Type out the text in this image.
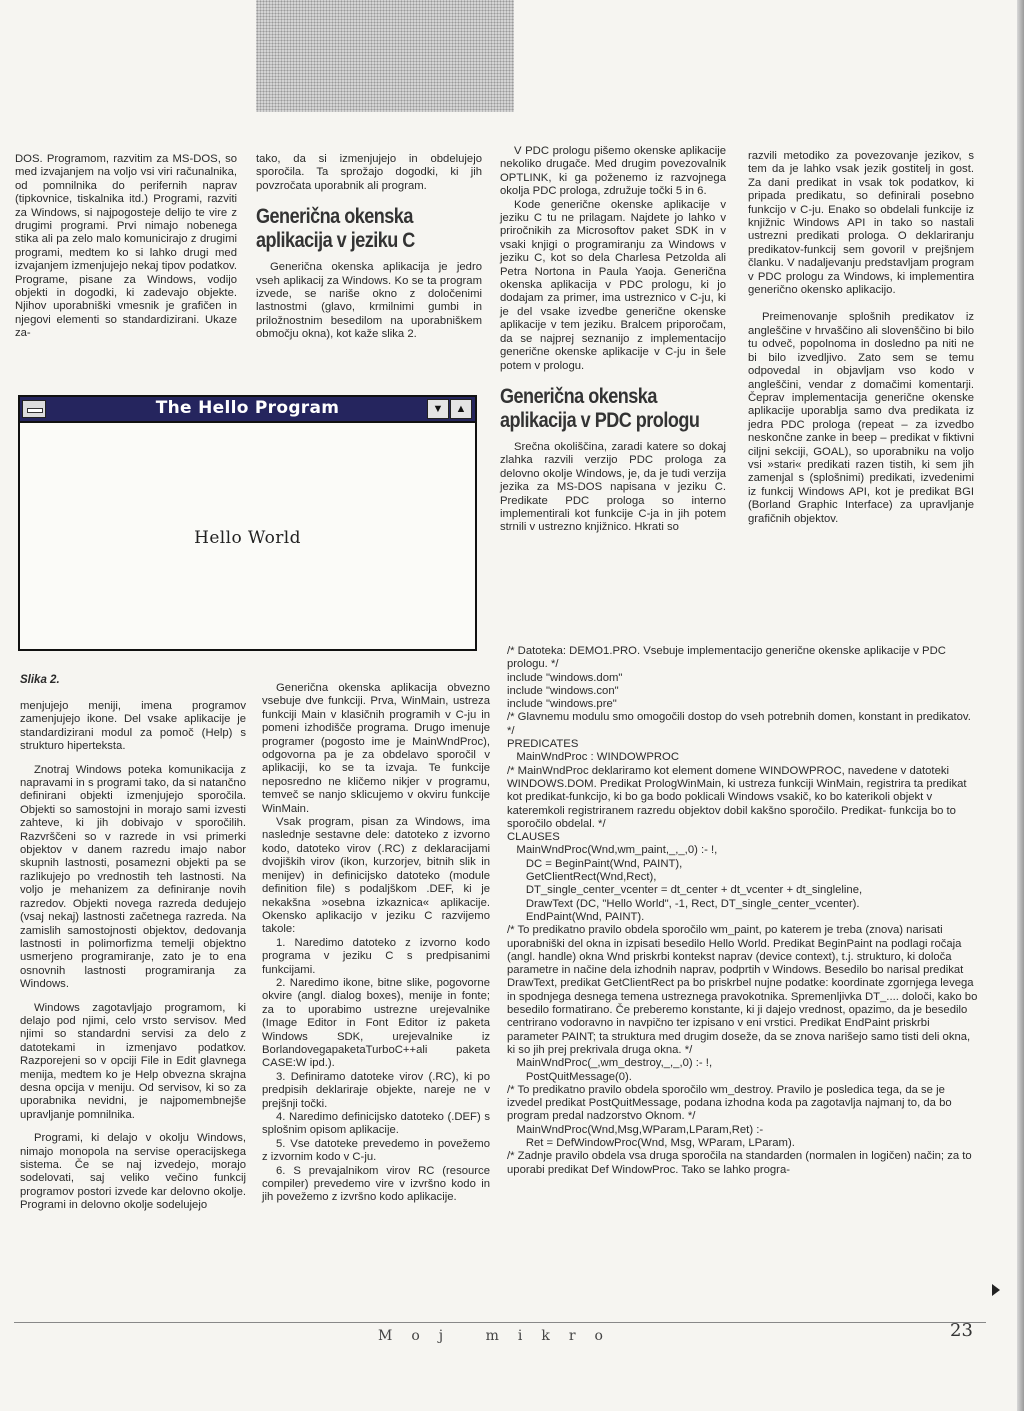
DOS. Programom, razvitim za MS-DOS, so med izvajanjem na voljo vsi viri računalnika, od pomnilnika do perifernih naprav (tipkovnice, tiskalnika itd.) Programi, razviti za Windows, si najpogosteje delijo te vire z drugimi programi. Prvi nimajo nobenega stika ali pa zelo malo komunicirajo z drugimi programi, medtem ko si lahko drugi med izvajanjem izmenjujejo nekaj tipov podatkov. Programe, pisane za Windows, vodijo objekti in dogodki, ki zadevajo objekte. Njihov uporabniški vmesnik je grafičen in njegovi elementi so standardizirani. Ukaze za-

tako, da si izmenjujejo in obdelujejo sporočila. Ta sprožajo dogodki, ki jih povzročata uporabnik ali program.

Generična okenska
aplikacija v jeziku C

Generična okenska aplikacija je jedro vseh aplikacij za Windows. Ko se ta program izvede, se nariše okno z določenimi lastnostmi (glavo, krmilnimi gumbi in priložnostnim besedilom na uporabniškem območju okna), kot kaže slika 2.

V PDC prologu pišemo okenske aplikacije nekoliko drugače. Med drugim povezovalnik OPTLINK, ki ga poženemo iz razvojnega okolja PDC prologa, združuje točki 5 in 6.

Kode generične okenske aplikacije v jeziku C tu ne prilagam. Najdete jo lahko v priročnikih za Microsoftov paket SDK in v vsaki knjigi o programiranju za Windows v jeziku C, kot so dela Charlesa Petzolda ali Petra Nortona in Paula Yaoja. Generična okenska aplikacija v PDC prologu, ki jo dodajam za primer, ima ustreznico v C-ju, ki je del vsake izvedbe generične okenske aplikacije v tem jeziku. Bralcem priporočam, da se najprej seznanijo z implementacijo generične okenske aplikacije v C-ju in šele potem v prologu.

Generična okenska
aplikacija v PDC prologu

Srečna okoliščina, zaradi katere so dokaj zlahka razvili verzijo PDC prologa za delovno okolje Windows, je, da je tudi verzija jezika za MS-DOS napisana v jeziku C. Predikate PDC prologa so interno implementirali kot funkcije C-ja in jih potem strnili v ustrezno knjižnico. Hkrati so

razvili metodiko za povezovanje jezikov, s tem da je lahko vsak jezik gostitelj in gost. Za dani predikat in vsak tok podatkov, ki pripada predikatu, so definirali posebno funkcijo v C-ju. Enako so obdelali funkcije iz knjižnic Windows API in tako so nastali ustrezni predikati prologa. O deklariranju predikatov-funkcij sem govoril v prejšnjem članku. V nadaljevanju predstavljam program v PDC prologu za Windows, ki implementira generično okensko aplikacijo.

Preimenovanje splošnih predikatov iz angleščine v hrvaščino ali slovenščino bi bilo tu odveč, popolnoma in dosledno pa niti ne bi bilo izvedljivo. Zato sem se temu odpovedal in objavljam vso kodo v angleščini, vendar z domačimi komentarji. Čeprav implementacija generične okenske aplikacije uporablja samo dva predikata iz jedra PDC prologa (repeat – za izvedbo neskončne zanke in beep – predikat v fiktivni ciljni sekciji, GOAL), so uporabniku na voljo vsi »stari« predikati razen tistih, ki sem jih zamenjal s (splošnimi) predikati, izvedenimi iz funkcij Windows API, kot je predikat BGI (Borland Graphic Interface) za upravljanje grafičnih objektov.

The Hello Program	▼	▲
Hello World
Slika 2.

menjujejo meniji, imena programov zamenjujejo ikone. Del vsake aplikacije je standardizirani modul za pomoč (Help) s strukturo hiperteksta.

Znotraj Windows poteka komunikacija z napravami in s programi tako, da si natančno definirani objekti izmenjujejo sporočila. Objekti so samostojni in morajo sami izvesti zahteve, ki jih dobivajo v sporočilih. Razvrščeni so v razrede in vsi primerki objektov v danem razredu imajo nabor skupnih lastnosti, posamezni objekti pa se razlikujejo po vrednostih teh lastnosti. Na voljo je mehanizem za definiranje novih razredov. Objekti novega razreda dedujejo (vsaj nekaj) lastnosti začetnega razreda. Na zamislih samostojnosti objektov, dedovanja lastnosti in polimorfizma temelji objektno usmerjeno programiranje, zato je to ena osnovnih lastnosti programiranja za Windows.

Windows zagotavljajo programom, ki delajo pod njimi, celo vrsto servisov. Med njimi so standardni servisi za delo z datotekami in izmenjavo podatkov. Razporejeni so v opciji File in Edit glavnega menija, medtem ko je Help obvezna skrajna desna opcija v meniju. Od servisov, ki so za uporabnika nevidni, je najpomembnejše upravljanje pomnilnika.

Programi, ki delajo v okolju Windows, nimajo monopola na servise operacijskega sistema. Če se naj izvedejo, morajo sodelovati, saj veliko večino funkcij programov postori izvede kar delovno okolje. Programi in delovno okolje sodelujejo

Generična okenska aplikacija obvezno vsebuje dve funkciji. Prva, WinMain, ustreza funkciji Main v klasičnih programih v C-ju in pomeni izhodišče programa. Drugo imenuje programer (pogosto ime je MainWndProc), odgovorna pa je za obdelavo sporočil v aplikaciji, ko se ta izvaja. Te funkcije neposredno ne kličemo nikjer v programu, temveč se nanjo sklicujemo v okviru funkcije WinMain.

Vsak program, pisan za Windows, ima naslednje sestavne dele: datoteko z izvorno kodo, datoteko virov (.RC) z deklaracijami dvojiških virov (ikon, kurzorjev, bitnih slik in menijev) in definicijsko datoteko (module definition file) s podaljškom .DEF, ki je nekakšna »osebna izkaznica« aplikacije. Okensko aplikacijo v jeziku C razvijemo takole:

1. Naredimo datoteko z izvorno kodo programa v jeziku C s predpisanimi funkcijami.

2. Naredimo ikone, bitne slike, pogovorne okvire (angl. dialog boxes), menije in fonte; za to uporabimo ustrezne urejevalnike (Image Editor in Font Editor iz paketa Windows SDK, urejevalnike iz BorlandovegapaketaTurboC++ali paketa CASE:W ipd.).

3. Definiramo datoteke virov (.RC), ki po predpisih deklariraje objekte, nareje ne v prejšnji točki.

4. Naredimo definicijsko datoteko (.DEF) s splošnim opisom aplikacije.

5. Vse datoteke prevedemo in povežemo z izvornim kodo v C-ju.

6. S prevajalnikom virov RC (resource compiler) prevedemo vire v izvršno kodo in jih povežemo z izvršno kodo aplikacije.

/* Datoteka: DEMO1.PRO. Vsebuje implementacijo generične okenske aplikacije v PDC prologu. */
include "windows.dom"
include "windows.con"
include "windows.pre"
/* Glavnemu modulu smo omogočili dostop do vseh potrebnih domen, konstant in predikatov. */
PREDICATES
MainWndProc : WINDOWPROC
/* MainWndProc deklariramo kot element domene WINDOWPROC, navedene v datoteki WINDOWS.DOM. Predikat PrologWinMain, ki ustreza funkciji WinMain, registrira ta predikat kot predikat-funkcijo, ki bo ga bodo poklicali Windows vsakič, ko bo katerikoli objekt v kateremkoli registriranem razredu objektov dobil kakšno sporočilo. Predikat- funkcija bo to sporočilo obdelal. */
CLAUSES
MainWndProc(Wnd,wm_paint,_,_,0) :- !,
DC = BeginPaint(Wnd, PAINT),
GetClientRect(Wnd,Rect),
DT_single_center_vcenter = dt_center + dt_vcenter + dt_singleline,
DrawText (DC, "Hello World", -1, Rect, DT_single_center_vcenter).
EndPaint(Wnd, PAINT).
/* To predikatno pravilo obdela sporočilo wm_paint, po katerem je treba (znova) narisati uporabniški del okna in izpisati besedilo Hello World. Predikat BeginPaint na podlagi ročaja (angl. handle) okna Wnd priskrbi kontekst naprav (device context), t.j. strukturo, ki določa parametre in načine dela izhodnih naprav, podprtih v Windows. Besedilo bo narisal predikat DrawText, predikat GetClientRect pa bo priskrbel nujne podatke: koordinate zgornjega levega in spodnjega desnega temena ustreznega pravokotnika. Spremenljivka DT_.... določi, kako bo besedilo formatirano. Če preberemo konstante, ki ji dajejo vrednost, opazimo, da je besedilo centrirano vodoravno in navpično ter izpisano v eni vrstici. Predikat EndPaint priskrbi parameter PAINT; ta struktura med drugim doseže, da se znova narišejo samo tisti deli okna, ki so jih prej prekrivala druga okna. */
MainWndProc(_,wm_destroy,_,_,0) :- !,
PostQuitMessage(0).
/* To predikatno pravilo obdela sporočilo wm_destroy. Pravilo je posledica tega, da se je izvedel predikat PostQuitMessage, podana izhodna koda pa zagotavlja najmanj to, da bo program predal nadzorstvo Oknom. */
MainWndProc(Wnd,Msg,WParam,LParam,Ret) :-
Ret = DefWindowProc(Wnd, Msg, WParam, LParam).
/* Zadnje pravilo obdela vsa druga sporočila na standarden (normalen in logičen) način; za to uporabi predikat Def WindowProc. Tako se lahko progra-
Moj mikro	23
